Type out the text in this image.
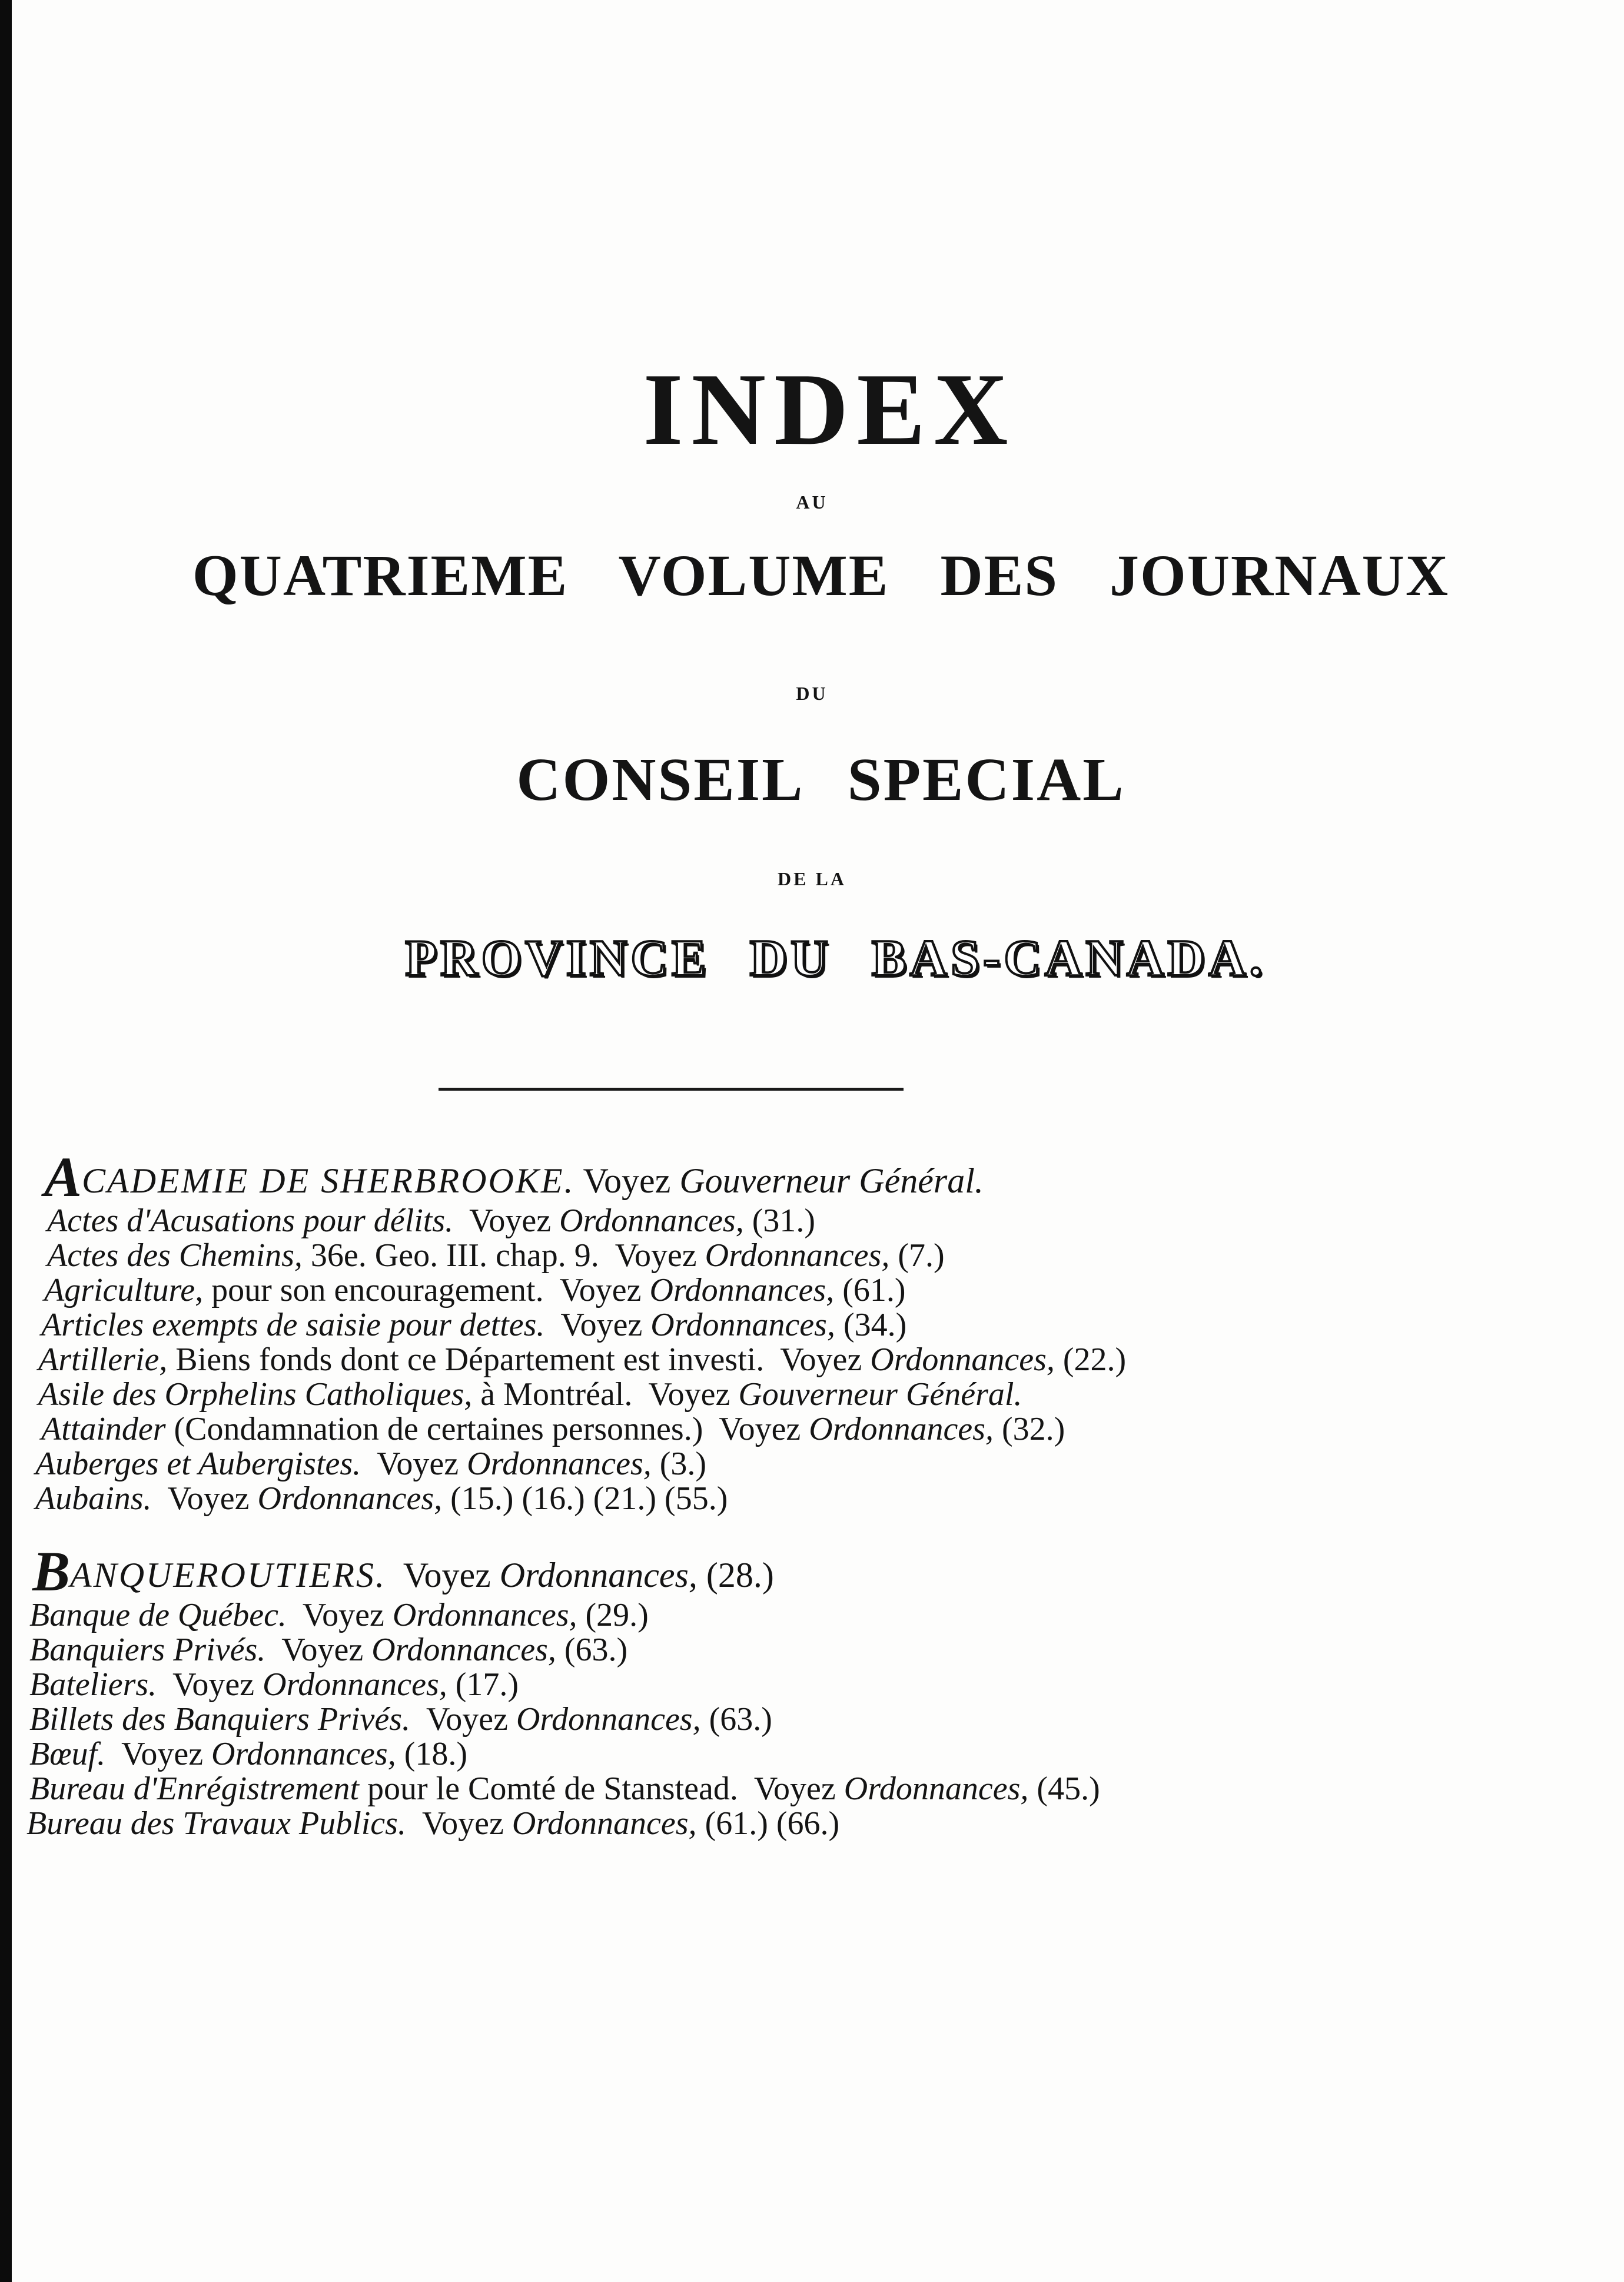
INDEX
AU
QUATRIEME VOLUME DES JOURNAUX
DU
CONSEIL SPECIAL
DE LA
PROVINCE DU BAS-CANADA.
ACADEMIE DE SHERBROOKE. Voyez Gouverneur Général.
Actes d'Acusations pour délits.  Voyez Ordonnances, (31.)
Actes des Chemins, 36e. Geo. III. chap. 9.  Voyez Ordonnances, (7.)
Agriculture, pour son encouragement.  Voyez Ordonnances, (61.)
Articles exempts de saisie pour dettes.  Voyez Ordonnances, (34.)
Artillerie, Biens fonds dont ce Département est investi.  Voyez Ordonnances, (22.)
Asile des Orphelins Catholiques, à Montréal.  Voyez Gouverneur Général.
Attainder (Condamnation de certaines personnes.)  Voyez Ordonnances, (32.)
Auberges et Aubergistes.  Voyez Ordonnances, (3.)
Aubains.  Voyez Ordonnances, (15.) (16.) (21.) (55.)
BANQUEROUTIERS.  Voyez Ordonnances, (28.)
Banque de Québec.  Voyez Ordonnances, (29.)
Banquiers Privés.  Voyez Ordonnances, (63.)
Bateliers.  Voyez Ordonnances, (17.)
Billets des Banquiers Privés.  Voyez Ordonnances, (63.)
Bœuf.  Voyez Ordonnances, (18.)
Bureau d'Enrégistrement pour le Comté de Stanstead.  Voyez Ordonnances, (45.)
Bureau des Travaux Publics.  Voyez Ordonnances, (61.) (66.)
